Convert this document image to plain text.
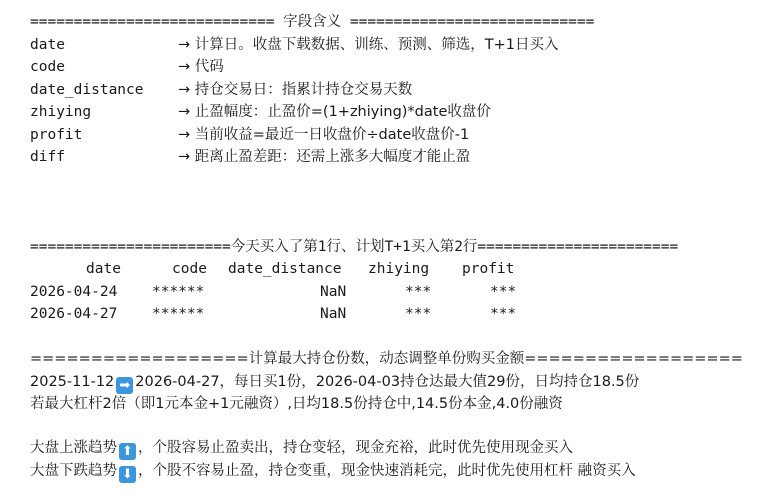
============================ 字段含义 ============================
date	→ 计算日。收盘下载数据、训练、预测、筛选，T+1日买入
code	→ 代码
date_distance → 持仓交易日：指累计持仓交易天数
zhiying	→ 止盈幅度：止盈价=(1+zhiying)*date收盘价
profit	→ 当前收益=最近一日收盘价÷date收盘价-1
diff	→ 距离止盈差距：还需上涨多大幅度才能止盈
=======================今天买入了第1行、计划T+1买入第2行=======================
date	code date_distance zhiying profit
2026-04-24 ******	NaN	***	***
2026-04-27 ******	NaN	***	***
==================计算最大持仓份数，动态调整单份购买金额==================
2025-11-12 ➡ 2026-04-27，每日买1份，2026-04-03持仓达最大值29份，日均持仓18.5份
若最大杠杆2倍（即1元本金+1元融资）,日均18.5份持仓中,14.5份本金,4.0份融资
大盘上涨趋势 ⬆ ，个股容易止盈卖出，持仓变轻，现金充裕，此时优先使用现金买入
大盘下跌趋势 ⬇ ，个股不容易止盈，持仓变重，现金快速消耗完，此时优先使用杠杆 融资买入
